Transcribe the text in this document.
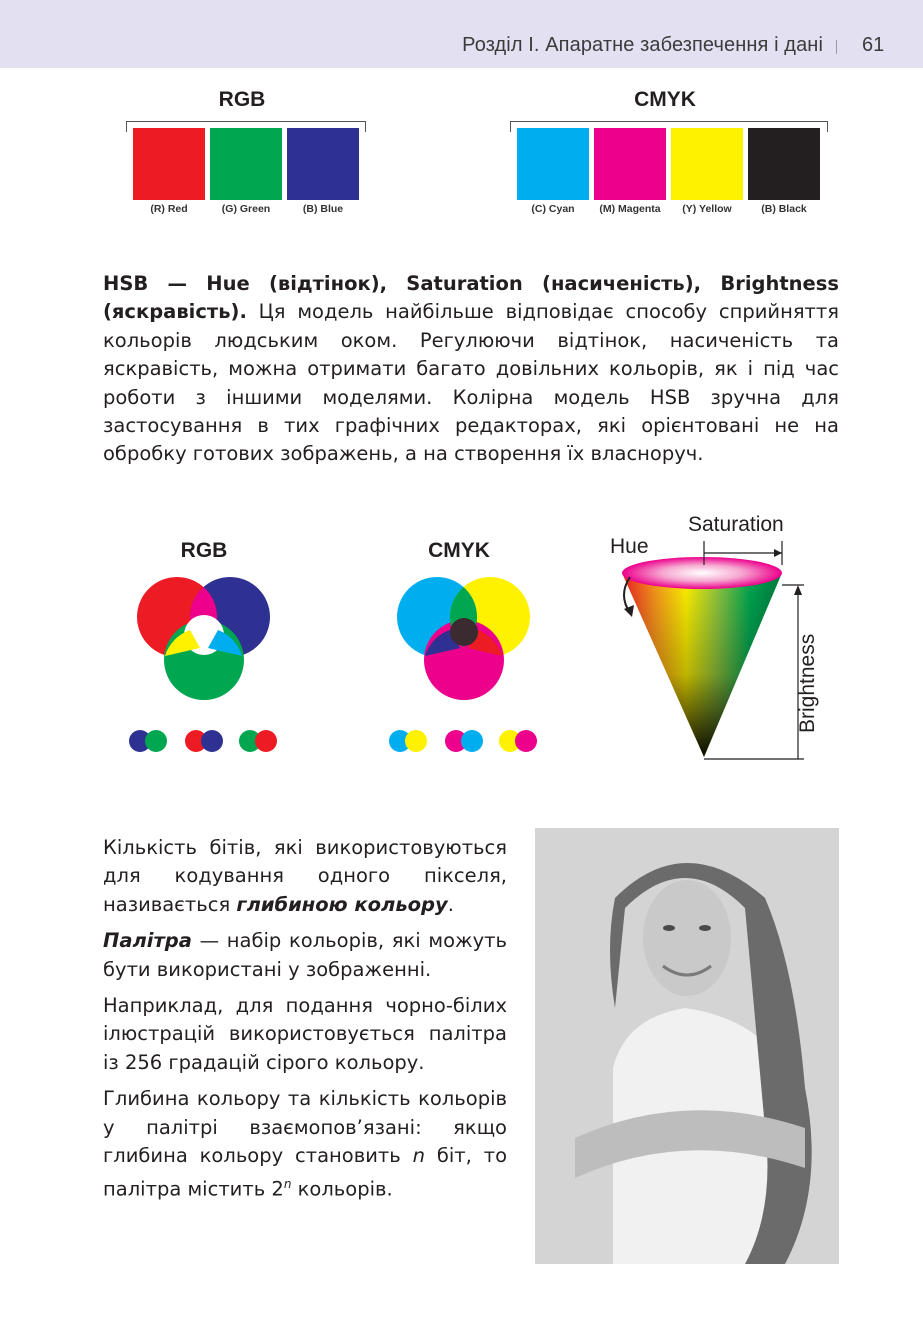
Розділ І. Апаратне забезпечення і дані 61
RGB
(R) Red	(G) Green	(B) Blue
CMYK
(C) Cyan	(M) Magenta	(Y) Yellow	(B) Black

HSB — Hue (відтінок), Saturation (насиченість), Brightness (яскравість). Ця модель найбільше відповідає способу сприйняття кольорів людським оком. Регулюючи відтінок, насиченість та яскравість, можна отримати багато довільних кольорів, як і під час роботи з іншими моделями. Колірна модель HSB зручна для застосування в тих графічних редакторах, які орієнтовані не на обробку готових зображень, а на створення їх власноруч.

RGB	CMYK	Hue
Saturation
Brightness

Кількість бітів, які використовуються для кодування одного пікселя, називається глибиною кольору.

Палітра — набір кольорів, які можуть бути використані у зображенні.

Наприклад, для подання чорно-білих ілюстрацій використовується палітра із 256 градацій сірого кольору.

Глибина кольору та кількість кольорів у палітрі взаємопов’язані: якщо глибина кольору становить n біт, то палітра містить 2$^n$ кольорів.
